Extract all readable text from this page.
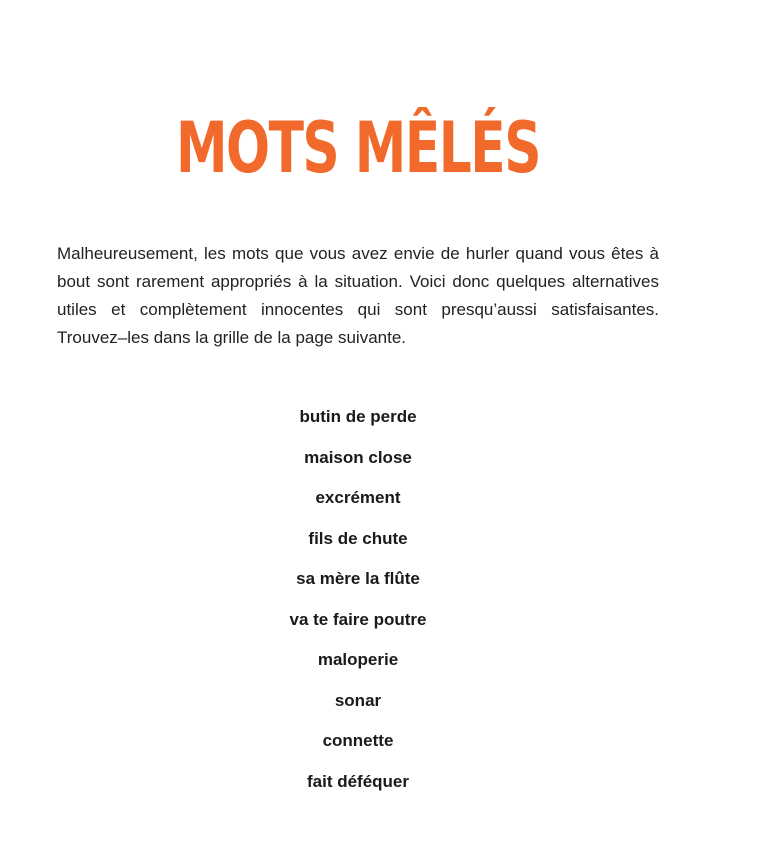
MOTS MÊLÉS

Malheureusement, les mots que vous avez envie de hurler quand vous êtes à bout sont rarement appropriés à la situation. Voici donc quelques alternatives utiles et complètement innocentes qui sont presqu’aussi satisfaisantes. Trouvez–les dans la grille de la page suivante.

butin de perde
maison close
excrément
fils de chute
sa mère la flûte
va te faire poutre
maloperie
sonar
connette
fait déféquer
